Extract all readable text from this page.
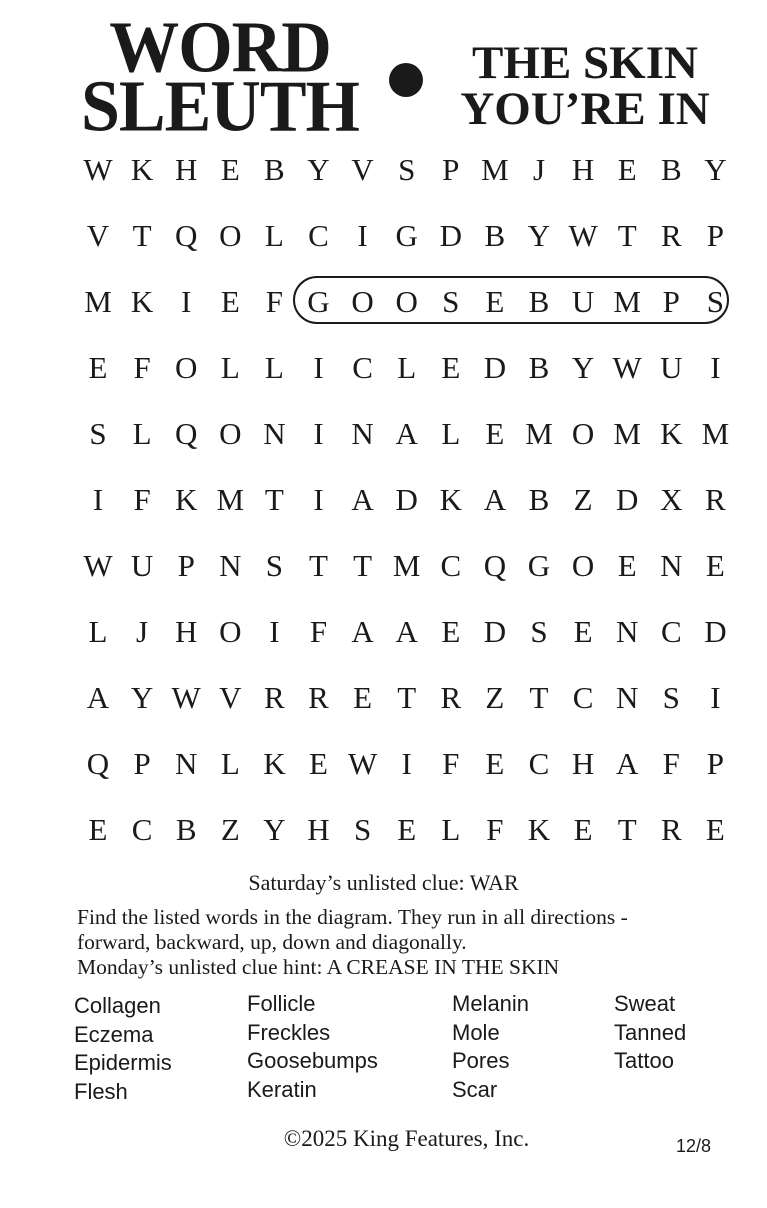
WORD
SLEUTH
THE SKIN
YOU’RE IN
W K H E B Y V S P M J H E B Y
V T Q O L C I G D B Y W T R P
M K I E F G O O S E B U M P S
E F O L L I C L E D B Y W U I
S L Q O N I N A L E M O M K M
I F K M T I A D K A B Z D X R
W U P N S T T M C Q G O E N E
L J H O I F A A E D S E N C D
A Y W V R R E T R Z T C N S I
Q P N L K E W I F E C H A F P
E C B Z Y H S E L F K E T R E
Saturday’s unlisted clue: WAR
Find the listed words in the diagram. They run in all directions -
forward, backward, up, down and diagonally.
Monday’s unlisted clue hint: A CREASE IN THE SKIN
Collagen
Eczema
Epidermis
Flesh
Follicle
Freckles
Goosebumps
Keratin
Melanin
Mole
Pores
Scar
Sweat
Tanned
Tattoo
©2025 King Features, Inc.	12/8
